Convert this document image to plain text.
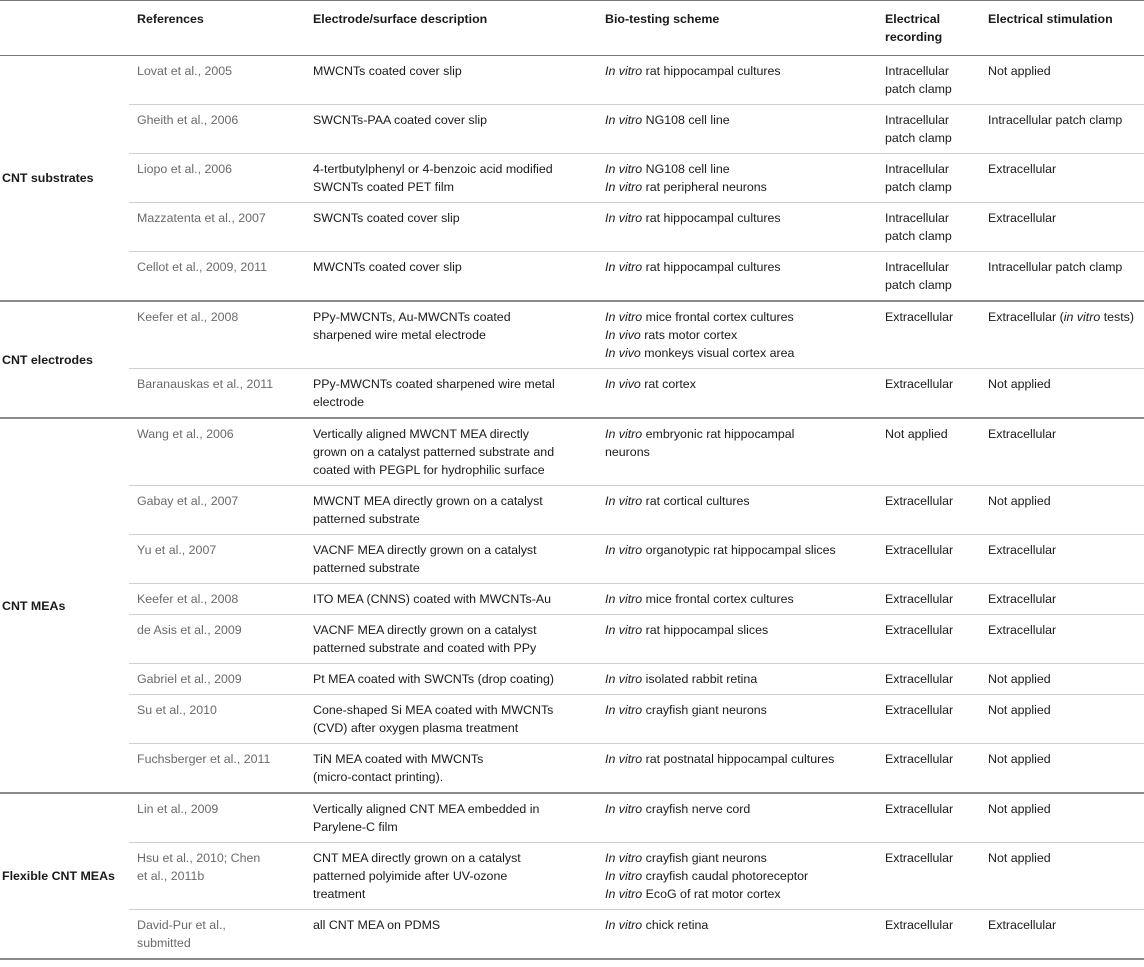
	References	Electrode/surface description	Bio-testing scheme	Electrical recording	Electrical stimulation
CNT substrates	Lovat et al., 2005	MWCNTs coated cover slip	In vitro rat hippocampal cultures	Intracellular
patch clamp	Not applied

	Gheith et al., 2006	SWCNTs-PAA coated cover slip	In vitro NG108 cell line	Intracellular
patch clamp	Intracellular patch clamp

	Liopo et al., 2006	4-tertbutylphenyl or 4-benzoic acid modified
SWCNTs coated PET film	In vitro NG108 cell line
In vitro rat peripheral neurons	Intracellular
patch clamp	Extracellular

	Mazzatenta et al., 2007	SWCNTs coated cover slip	In vitro rat hippocampal cultures	Intracellular
patch clamp	Extracellular

	Cellot et al., 2009, 2011	MWCNTs coated cover slip	In vitro rat hippocampal cultures	Intracellular
patch clamp	Intracellular patch clamp

CNT electrodes	Keefer et al., 2008	PPy-MWCNTs, Au-MWCNTs coated
sharpened wire metal electrode	In vitro mice frontal cortex cultures
In vivo rats motor cortex
In vivo monkeys visual cortex area	Extracellular	Extracellular (in vitro tests)

	Baranauskas et al., 2011	PPy-MWCNTs coated sharpened wire metal
electrode	In vivo rat cortex	Extracellular	Not applied

CNT MEAs	Wang et al., 2006	Vertically aligned MWCNT MEA directly
grown on a catalyst patterned substrate and
coated with PEGPL for hydrophilic surface	In vitro embryonic rat hippocampal
neurons	Not applied	Extracellular

	Gabay et al., 2007	MWCNT MEA directly grown on a catalyst
patterned substrate	In vitro rat cortical cultures	Extracellular	Not applied

	Yu et al., 2007	VACNF MEA directly grown on a catalyst
patterned substrate	In vitro organotypic rat hippocampal slices	Extracellular	Extracellular

	Keefer et al., 2008	ITO MEA (CNNS) coated with MWCNTs-Au	In vitro mice frontal cortex cultures	Extracellular	Extracellular

	de Asis et al., 2009	VACNF MEA directly grown on a catalyst
patterned substrate and coated with PPy	In vitro rat hippocampal slices	Extracellular	Extracellular

	Gabriel et al., 2009	Pt MEA coated with SWCNTs (drop coating)	In vitro isolated rabbit retina	Extracellular	Not applied

	Su et al., 2010	Cone-shaped Si MEA coated with MWCNTs
(CVD) after oxygen plasma treatment	In vitro crayfish giant neurons	Extracellular	Not applied

	Fuchsberger et al., 2011	TiN MEA coated with MWCNTs
(micro-contact printing).	In vitro rat postnatal hippocampal cultures	Extracellular	Not applied

Flexible CNT MEAs	Lin et al., 2009	Vertically aligned CNT MEA embedded in
Parylene-C film	In vitro crayfish nerve cord	Extracellular	Not applied

	Hsu et al., 2010; Chen
et al., 2011b	CNT MEA directly grown on a catalyst
patterned polyimide after UV-ozone
treatment	In vitro crayfish giant neurons
In vitro crayfish caudal photoreceptor
In vitro EcoG of rat motor cortex	Extracellular	Not applied

	David-Pur et al.,
submitted	all CNT MEA on PDMS	In vitro chick retina	Extracellular	Extracellular
